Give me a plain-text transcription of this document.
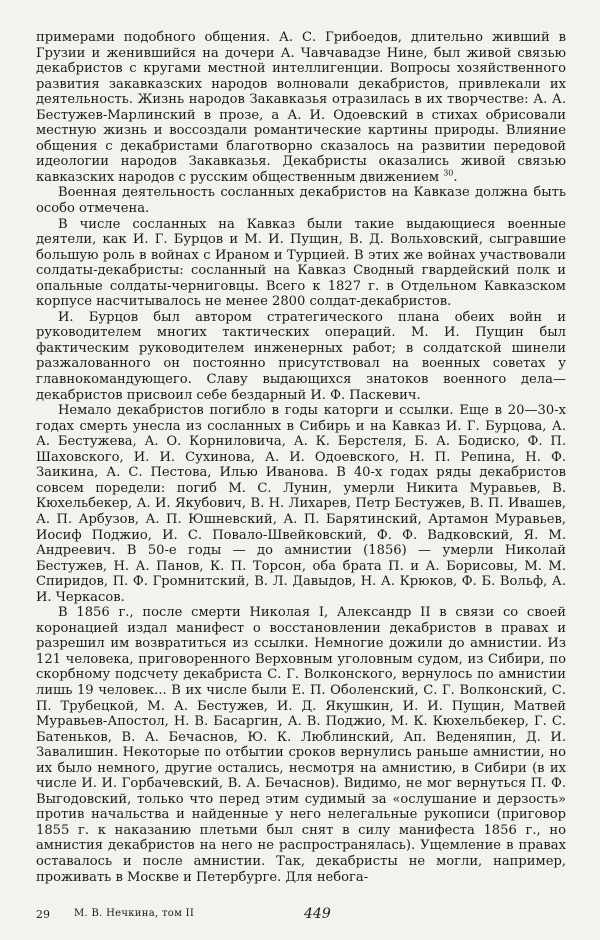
примерами подобного общения. А. С. Грибоедов, длительно живший в Грузии и женившийся на дочери А. Чавчавадзе Нине, был живой связью декабристов с кругами местной интеллигенции. Вопросы хозяйственного развития закавказских народов волновали декабристов, привлекали их деятельность. Жизнь народов Закавказья отразилась в их творчестве: А. А. Бестужев-Марлинский в прозе, а А. И. Одоевский в стихах обрисовали местную жизнь и воссоздали романтические картины природы. Влияние общения с декабристами благотворно сказалось на развитии передовой идеологии народов Закавказья. Декабристы оказались живой связью кавказских народов с русским общественным движением $^{30}$.

Военная деятельность сосланных декабристов на Кавказе должна быть особо отмечена.

В числе сосланных на Кавказ были такие выдающиеся военные деятели, как И. Г. Бурцов и М. И. Пущин, В. Д. Вольховский, сыгравшие большую роль в войнах с Ираном и Турцией. В этих же войнах участвовали солдаты-декабристы: сосланный на Кавказ Сводный гвардейский полк и опальные солдаты-черниговцы. Всего к 1827 г. в Отдельном Кавказском корпусе насчитывалось не менее 2800 солдат-декабристов.

И. Бурцов был автором стратегического плана обеих войн и руководителем многих тактических операций. М. И. Пущин был фактическим руководителем инженерных работ; в солдатской шинели разжалованного он постоянно присутствовал на военных советах у главнокомандующего. Славу выдающихся знатоков военного дела—декабристов присвоил себе бездарный И. Ф. Паскевич.

Немало декабристов погибло в годы каторги и ссылки. Еще в 20—30-х годах смерть унесла из сосланных в Сибирь и на Кавказ И. Г. Бурцова, А. А. Бестужева, А. О. Корниловича, А. К. Берстеля, Б. А. Бодиско, Ф. П. Шаховского, И. И. Сухинова, А. И. Одоевского, Н. П. Репина, Н. Ф. Заикина, А. С. Пестова, Илью Иванова. В 40-х годах ряды декабристов совсем поредели: погиб М. С. Лунин, умерли Никита Муравьев, В. Кюхельбекер, А. И. Якубович, В. Н. Лихарев, Петр Бестужев, В. П. Ивашев, А. П. Арбузов, А. П. Юшневский, А. П. Барятинский, Артамон Муравьев, Иосиф Поджио, И. С. Повало-Швейковский, Ф. Ф. Вадковский, Я. М. Андреевич. В 50-е годы — до амнистии (1856) — умерли Николай Бестужев, Н. А. Панов, К. П. Торсон, оба брата П. и А. Борисовы, М. М. Спиридов, П. Ф. Громнитский, В. Л. Давыдов, Н. А. Крюков, Ф. Б. Вольф, А. И. Черкасов.

В 1856 г., после смерти Николая I, Александр II в связи со своей коронацией издал манифест о восстановлении декабристов в правах и разрешил им возвратиться из ссылки. Немногие дожили до амнистии. Из 121 человека, приговоренного Верховным уголовным судом, из Сибири, по скорбному подсчету декабриста С. Г. Волконского, вернулось по амнистии лишь 19 человек... В их числе были Е. П. Оболенский, С. Г. Волконский, С. П. Трубецкой, М. А. Бестужев, И. Д. Якушкин, И. И. Пущин, Матвей Муравьев-Апостол, Н. В. Басаргин, А. В. Поджио, М. К. Кюхельбекер, Г. С. Батеньков, В. А. Бечаснов, Ю. К. Люблинский, Ап. Веденяпин, Д. И. Завалишин. Некоторые по отбытии сроков вернулись раньше амнистии, но их было немного, другие остались, несмотря на амнистию, в Сибири (в их числе И. И. Горбачевский, В. А. Бечаснов). Видимо, не мог вернуться П. Ф. Выгодовский, только что перед этим судимый за «ослушание и дерзость» против начальства и найденные у него нелегальные рукописи (приговор 1855 г. к наказанию плетьми был снят в силу манифеста 1856 г., но амнистия декабристов на него не распространялась). Ущемление в правах оставалось и после амнистии. Так, декабристы не могли, например, проживать в Москве и Петербурге. Для небога-

29 М. В. Нечкина, том II	449
